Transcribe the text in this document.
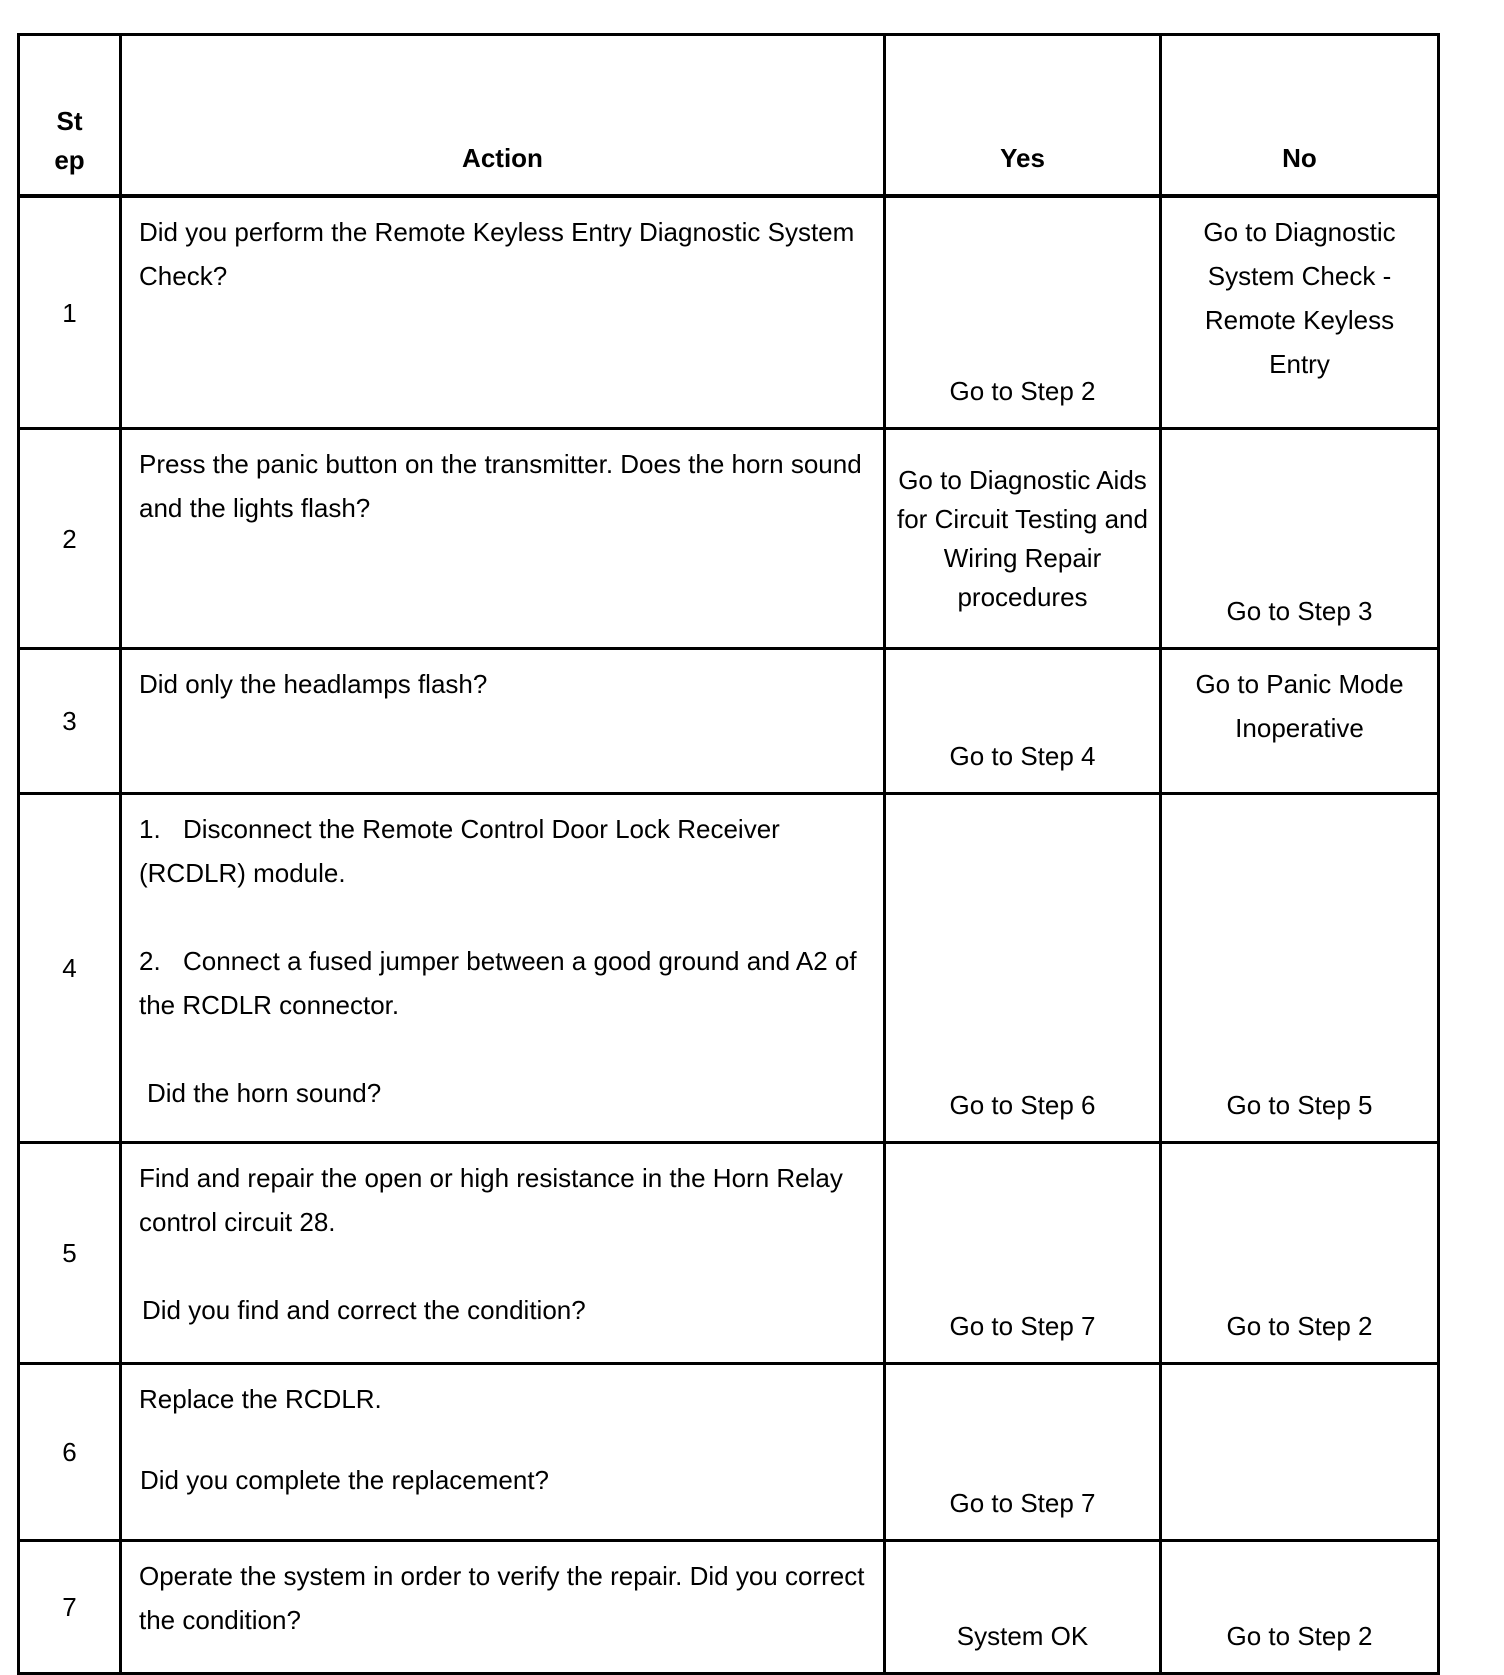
St
ep	Action	Yes	No
1	Did you perform the Remote Keyless Entry Diagnostic System Check?	Go to Step 2	Go to Diagnostic System Check - Remote Keyless Entry
2	Press the panic button on the transmitter. Does the horn sound and the lights flash?	Go to Diagnostic Aids for Circuit Testing and Wiring Repair procedures	Go to Step 3
3	Did only the headlamps flash?	Go to Step 4	Go to Panic Mode Inoperative
4	1. Disconnect the Remote Control Door Lock Receiver (RCDLR) module.

2. Connect a fused jumper between a good ground and A2 of the RCDLR connector.

Did the horn sound?	Go to Step 6	Go to Step 5
5	Find and repair the open or high resistance in the Horn Relay control circuit 28.

Did you find and correct the condition?	Go to Step 7	Go to Step 2
6	Replace the RCDLR.

Did you complete the replacement?	Go to Step 7	
7	Operate the system in order to verify the repair. Did you correct the condition?	System OK	Go to Step 2
